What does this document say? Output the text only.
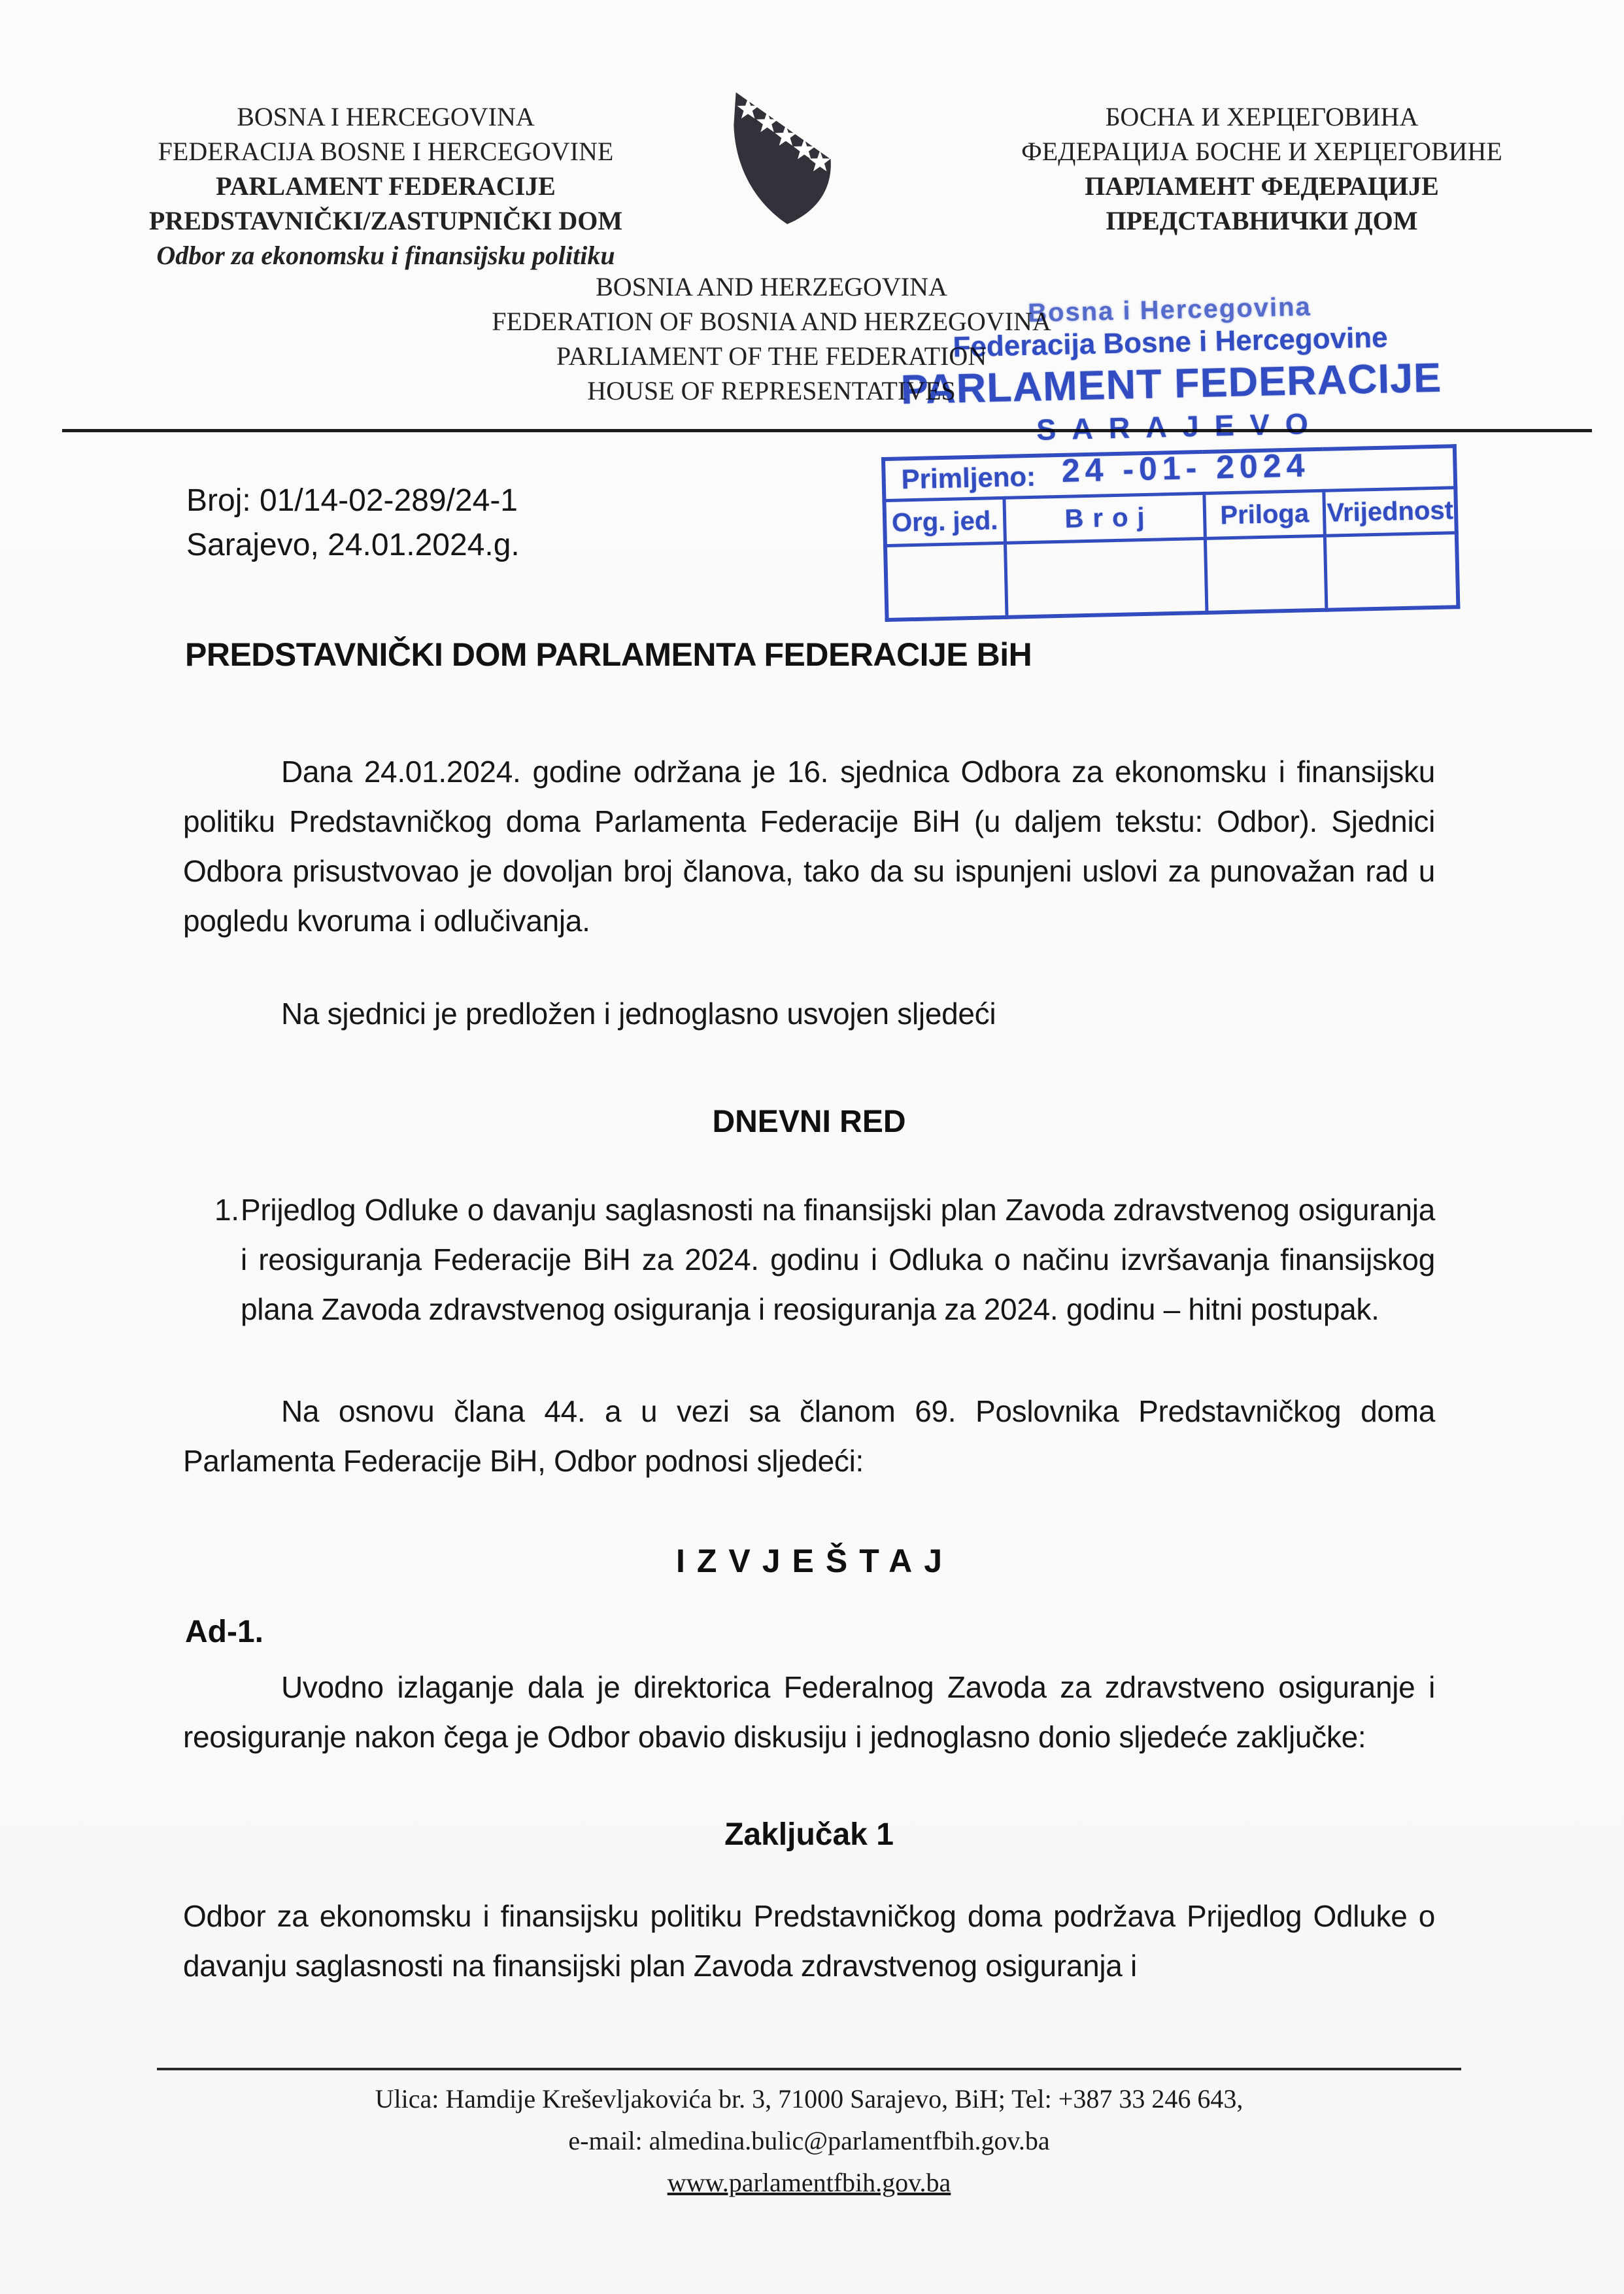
BOSNA I HERCEGOVINA
FEDERACIJA BOSNE I HERCEGOVINE
PARLAMENT FEDERACIJE
PREDSTAVNIČKI/ZASTUPNIČKI DOM
Odbor za ekonomsku i finansijsku politiku
БОСНА И ХЕРЦЕГОВИНА
ФЕДЕРАЦИЈА БОСНЕ И ХЕРЦЕГОВИНЕ
ПАРЛАМЕНТ ФЕДЕРАЦИЈЕ
ПРЕДСТАВНИЧКИ ДОМ
BOSNIA AND HERZEGOVINA
FEDERATION OF BOSNIA AND HERZEGOVINA
PARLIAMENT OF THE FEDERATION
HOUSE OF REPRESENTATIVES
Bosna i Hercegovina
Federacija Bosne i Hercegovine
PARLAMENT FEDERACIJE
SARAJEVO
Primljeno: 24 -01- 2024			

Org. jed.	Broj	Priloga	Vrijednost

Broj: 01/14-02-289/24-1
Sarajevo, 24.01.2024.g.
PREDSTAVNIČKI DOM PARLAMENTA FEDERACIJE BiH
Dana 24.01.2024. godine održana je 16. sjednica Odbora za ekonomsku i finansijsku politiku Predstavničkog doma Parlamenta Federacije BiH (u daljem tekstu: Odbor). Sjednici Odbora prisustvovao je dovoljan broj članova, tako da su ispunjeni uslovi za punovažan rad u pogledu kvoruma i odlučivanja.
Na sjednici je predložen i jednoglasno usvojen sljedeći
DNEVNI RED
1. Prijedlog Odluke o davanju saglasnosti na finansijski plan Zavoda zdravstvenog osiguranja i reosiguranja Federacije BiH za 2024. godinu i Odluka o načinu izvršavanja finansijskog plana Zavoda zdravstvenog osiguranja i reosiguranja za 2024. godinu – hitni postupak.
Na osnovu člana 44. a u vezi sa članom 69. Poslovnika Predstavničkog doma Parlamenta Federacije BiH, Odbor podnosi sljedeći:
IZVJEŠTAJ
Ad-1.
Uvodno izlaganje dala je direktorica Federalnog Zavoda za zdravstveno osiguranje i reosiguranje nakon čega je Odbor obavio diskusiju i jednoglasno donio sljedeće zaključke:
Zaključak 1
Odbor za ekonomsku i finansijsku politiku Predstavničkog doma podržava Prijedlog Odluke o davanju saglasnosti na finansijski plan Zavoda zdravstvenog osiguranja i
Ulica: Hamdije Kreševljakovića br. 3, 71000 Sarajevo, BiH; Tel: +387 33 246 643,
e-mail: almedina.bulic@parlamentfbih.gov.ba
www.parlamentfbih.gov.ba
